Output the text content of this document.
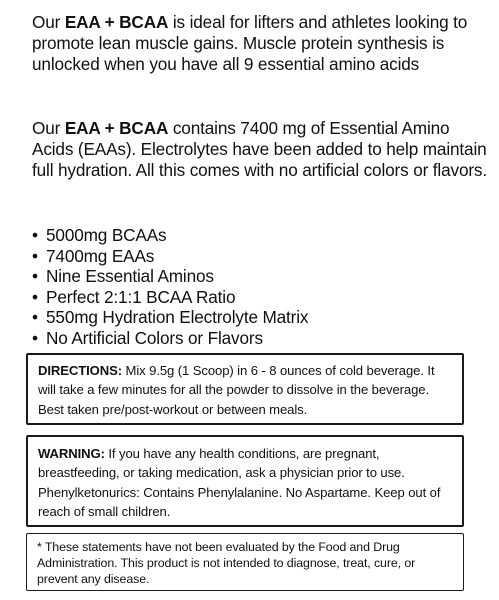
Our EAA + BCAA is ideal for lifters and athletes looking to promote lean muscle gains. Muscle protein synthesis is unlocked when you have all 9 essential amino acids
Our EAA + BCAA contains 7400 mg of Essential Amino Acids (EAAs). Electrolytes have been added to help maintain full hydration. All this comes with no artificial colors or flavors.
• 5000mg BCAAs
• 7400mg EAAs
• Nine Essential Aminos
• Perfect 2:1:1 BCAA Ratio
• 550mg Hydration Electrolyte Matrix
• No Artificial Colors or Flavors
DIRECTIONS: Mix 9.5g (1 Scoop) in 6 - 8 ounces of cold beverage. It will take a few minutes for all the powder to dissolve in the beverage. Best taken pre/post-workout or between meals.
WARNING: If you have any health conditions, are pregnant, breastfeeding, or taking medication, ask a physician prior to use. Phenylketonurics: Contains Phenylalanine. No Aspartame. Keep out of reach of small children.
* These statements have not been evaluated by the Food and Drug Administration. This product is not intended to diagnose, treat, cure, or prevent any disease.
